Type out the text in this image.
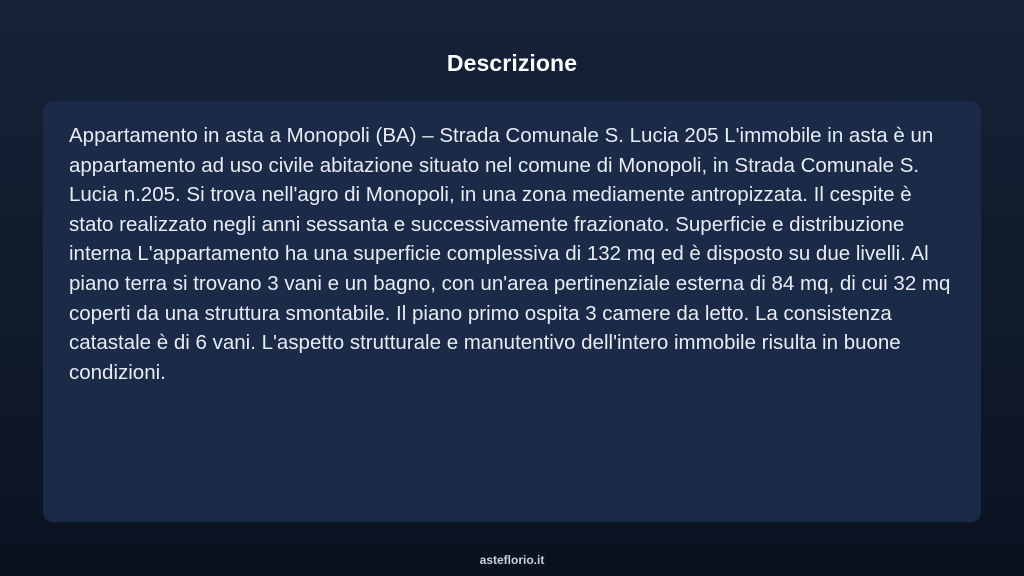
Descrizione

Appartamento in asta a Monopoli (BA) – Strada Comunale S. Lucia 205 L'immobile in asta è un appartamento ad uso civile abitazione situato nel comune di Monopoli, in Strada Comunale S. Lucia n.205. Si trova nell'agro di Monopoli, in una zona mediamente antropizzata. Il cespite è stato realizzato negli anni sessanta e successivamente frazionato. Superficie e distribuzione interna L'appartamento ha una superficie complessiva di 132 mq ed è disposto su due livelli. Al piano terra si trovano 3 vani e un bagno, con un'area pertinenziale esterna di 84 mq, di cui 32 mq coperti da una struttura smontabile. Il piano primo ospita 3 camere da letto. La consistenza catastale è di 6 vani. L'aspetto strutturale e manutentivo dell'intero immobile risulta in buone condizioni.

asteflorio.it
